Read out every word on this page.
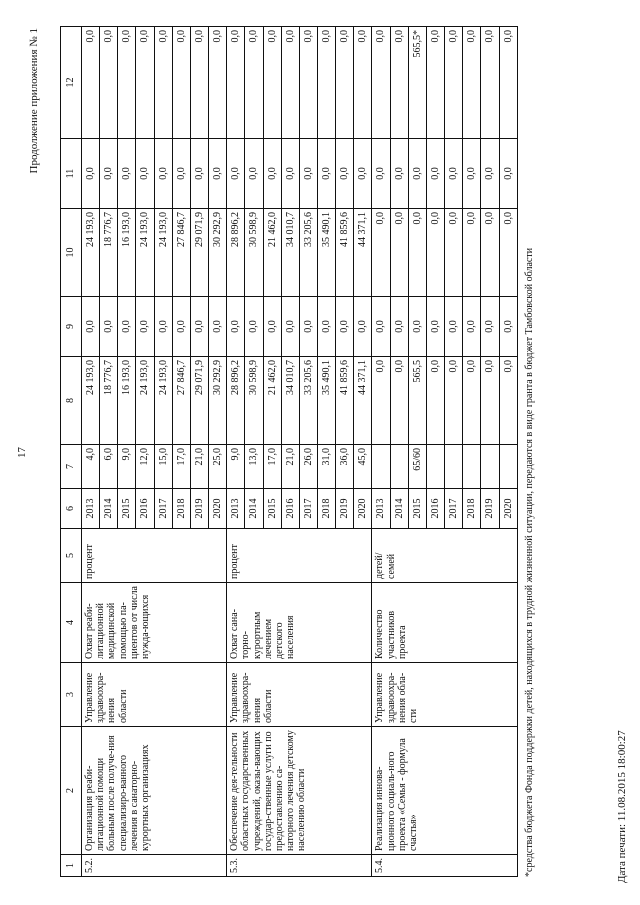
17
Продолжение приложения № 1
1	2	3	4	5	6	7	8	9	10	11	12
5.2.	Организация реаби-литационной помощи больным после получе-ния специализиро-ванного лечения в санаторно-курортных организациях	Управление здравоохра-нения области	Охват реаби-литационной медицинской помощью па-циентов от числа нужда-ющихся	процент	2013	4,0	24 193,0	0,0	24 193,0	0,0	0,0
					2014	6,0	18 776,7	0,0	18 776,7	0,0	0,0
					2015	9,0	16 193,0	0,0	16 193,0	0,0	0,0
					2016	12,0	24 193,0	0,0	24 193,0	0,0	0,0
					2017	15,0	24 193,0	0,0	24 193,0	0,0	0,0
					2018	17,0	27 846,7	0,0	27 846,7	0,0	0,0
					2019	21,0	29 071,9	0,0	29 071,9	0,0	0,0
					2020	25,0	30 292,9	0,0	30 292,9	0,0	0,0
5.3.	Обеспечение дея-тельности областных государственных учреждений, оказы-вающих государ-ственные услуги по предоставлению са-наторного лечения детскому населению области	Управление здравоохра-нения области	Охват сана-торно-курортным лечением детского населения	процент	2013	9,0	28 896,2	0,0	28 896,2	0,0	0,0
					2014	13,0	30 598,9	0,0	30 598,9	0,0	0,0
					2015	17,0	21 462,0	0,0	21 462,0	0,0	0,0
					2016	21,0	34 010,7	0,0	34 010,7	0,0	0,0
					2017	26,0	33 205,6	0,0	33 205,6	0,0	0,0
					2018	31,0	35 490,1	0,0	35 490,1	0,0	0,0
					2019	36,0	41 859,6	0,0	41 859,6	0,0	0,0
					2020	45,0	44 371,1	0,0	44 371,1	0,0	0,0
5.4.	Реализация иннова-ционного социаль-ного проекта «Семья - формула счастья»	Управление здравоохра-нения обла-сти	Количество участников проекта	детей/ семей	2013		0,0	0,0	0,0	0,0	0,0
					2014		0,0	0,0	0,0	0,0	0,0
					2015	65/60	565,5	0,0	0,0	0,0	565,5*
					2016		0,0	0,0	0,0	0,0	0,0
					2017		0,0	0,0	0,0	0,0	0,0
					2018		0,0	0,0	0,0	0,0	0,0
					2019		0,0	0,0	0,0	0,0	0,0
					2020		0,0	0,0	0,0	0,0	0,0
*средства бюджета Фонда поддержки детей, находящихся в трудной жизненной ситуации, передаются в виде гранта в бюджет Тамбовской области	Дата печати: 11.08.2015 18:00:27
